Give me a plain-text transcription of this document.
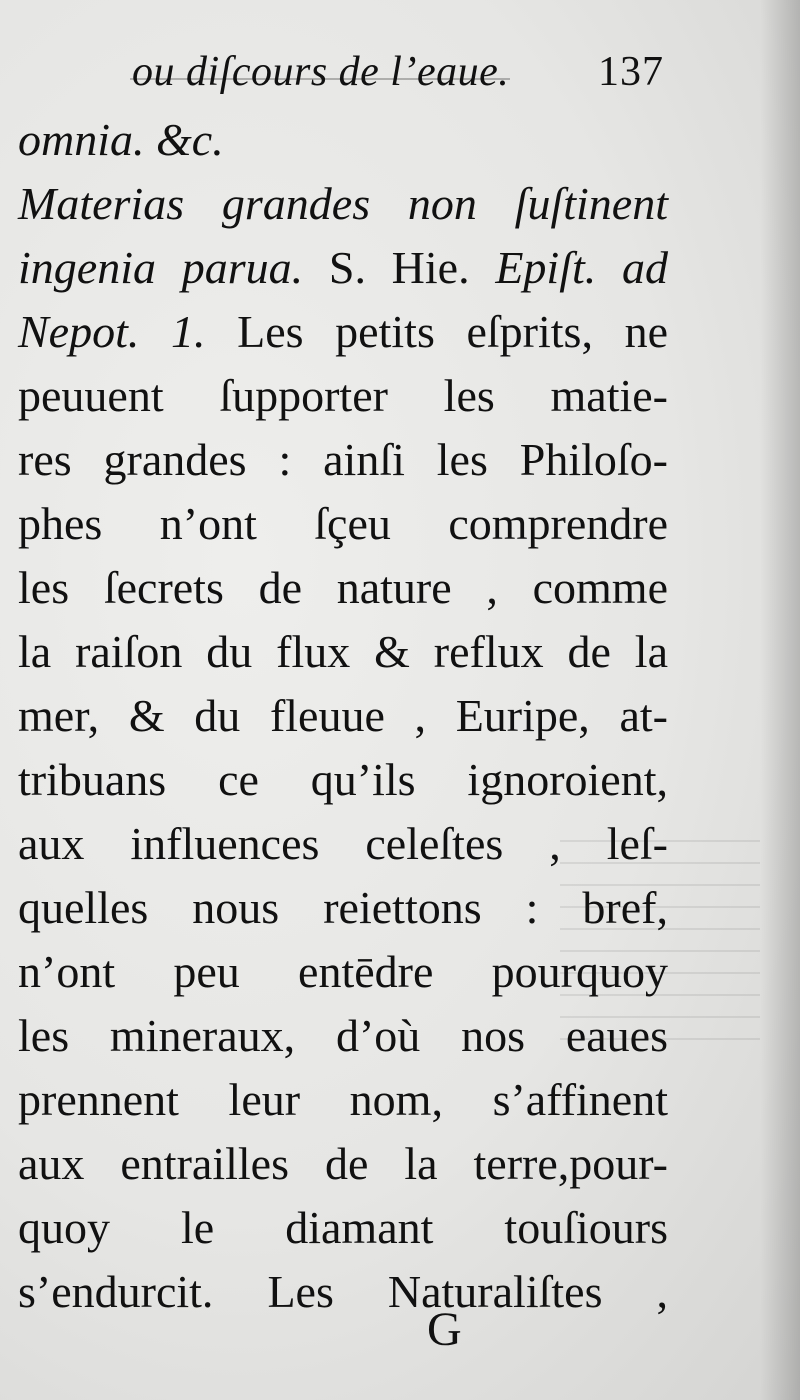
ou diſcours de l’eaue. 137
omnia. &c.
Materias grandes non ſuſtinent
ingenia parua. S. Hie. Epiſt. ad
Nepot. 1. Les petits eſprits, ne
peuuent ſupporter les matie-
res grandes : ainſi les Philoſo-
phes n’ont ſçeu comprendre
les ſecrets de nature , comme
la raiſon du flux & reflux de la
mer, & du fleuue , Euripe, at-
tribuans ce qu’ils ignoroient,
aux influences celeſtes , leſ-
quelles nous reiettons : bref,
n’ont peu entēdre pourquoy
les mineraux, d’où nos eaues
prennent leur nom, s’affinent
aux entrailles de la terre,pour-
quoy le diamant touſiours
s’endurcit. Les Naturaliſtes ,
G
